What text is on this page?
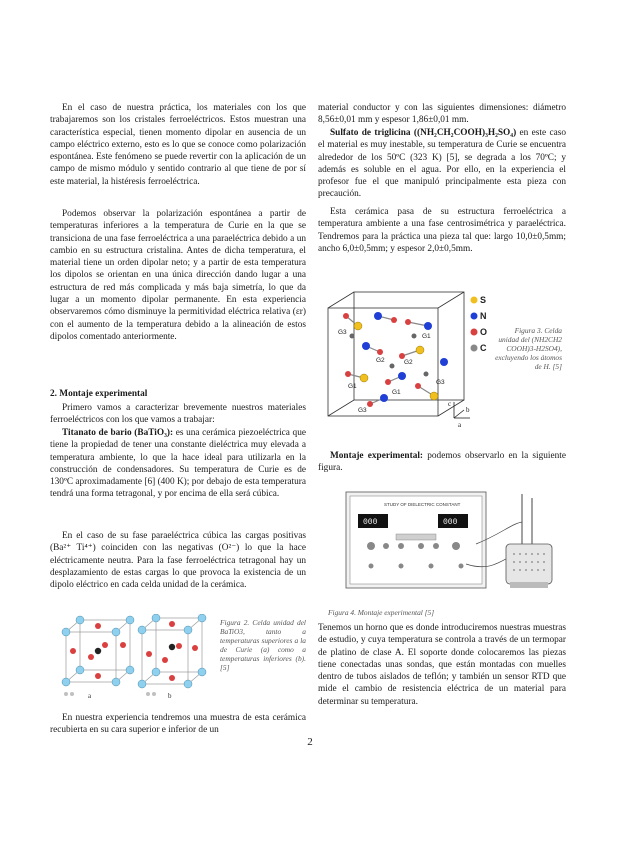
En el caso de nuestra práctica, los materiales con los que trabajaremos son los cristales ferroeléctricos. Estos muestran una característica especial, tienen momento dipolar en ausencia de un campo eléctrico externo, esto es lo que se conoce como polarización espontánea. Este fenómeno se puede revertir con la aplicación de un campo de mismo módulo y sentido contrario al que tiene de por sí este material, la histéresis ferroeléctrica.

Podemos observar la polarización espontánea a partir de temperaturas inferiores a la temperatura de Curie en la que se transiciona de una fase ferroeléctrica a una paraeléctrica debido a un cambio en su estructura cristalina. Antes de dicha temperatura, el material tiene un orden dipolar neto; y a partir de esta temperatura los dipolos se orientan en una única dirección dando lugar a una estructura de red más complicada y más baja simetría, lo que da lugar a un momento dipolar permanente. En esta experiencia observaremos cómo disminuye la permitividad eléctrica relativa (εr) con el aumento de la temperatura debido a la alineación de estos dipolos comentado anteriormente.

2. Montaje experimental

Primero vamos a caracterizar brevemente nuestros materiales ferroeléctricos con los que vamos a trabajar:

Titanato de bario (BaTiO₃): es una cerámica piezoeléctrica que tiene la propiedad de tener una constante dieléctrica muy elevada a temperatura ambiente, lo que la hace ideal para utilizarla en la construcción de condensadores. Su temperatura de Curie es de 130ºC aproximadamente [6] (400 K); por debajo de esta temperatura tendrá una forma tetragonal, y por encima de ella será cúbica.

En el caso de su fase paraeléctrica cúbica las cargas positivas (Ba²⁺ Ti⁴⁺) coinciden con las negativas (O²⁻) lo que la hace eléctricamente neutra. Para la fase ferroeléctrica tetragonal hay un desplazamiento de estas cargas lo que provoca la existencia de un dipolo eléctrico en cada celda unidad de la cerámica.

a	b

Figura 2. Celda unidad del BaTiO3, tanto a temperaturas superiores a la de Curie (a) como a temperaturas inferiores (b). [5]

En nuestra experiencia tendremos una muestra de esta cerámica recubierta en su cara superior e inferior de un

material conductor y con las siguientes dimensiones: diámetro 8,56±0,01 mm y espesor 1,86±0,01 mm.

Sulfato de triglicina ((NH₂CH₂COOH)₃H₂SO₄) en este caso el material es muy inestable, su temperatura de Curie se encuentra alrededor de los 50ºC (323 K) [5], se degrada a los 70ºC; y además es soluble en el agua. Por ello, en la experiencia el profesor fue el que manipuló principalmente esta pieza con precaución.

Esta cerámica pasa de su estructura ferroeléctrica a temperatura ambiente a una fase centrosimétrica y paraeléctrica. Tendremos para la práctica una pieza tal que: largo 10,0±0,5mm; ancho 6,0±0,5mm; y espesor 2,0±0,5mm.

G3
G1
G2
G1
G2
G3
G1
G3
S
N
O
C
c
b
a

Figura 3. Celda unidad del (NH2CH2 COOH)3-H2SO4), excluyendo los átomos de H. [5]

Montaje experimental: podemos observarlo en la siguiente figura.

STUDY OF DIELECTRIC CONSTANT
000	000

Figura 4. Montaje experimental [5]

Tenemos un horno que es donde introduciremos nuestras muestras de estudio, y cuya temperatura se controla a través de un termopar de platino de clase A. El soporte donde colocaremos las piezas tiene conectadas unas sondas, que están montadas con muelles dentro de tubos aislados de teflón; y también un sensor RTD que mide el cambio de resistencia eléctrica de un material para determinar su temperatura.

2
